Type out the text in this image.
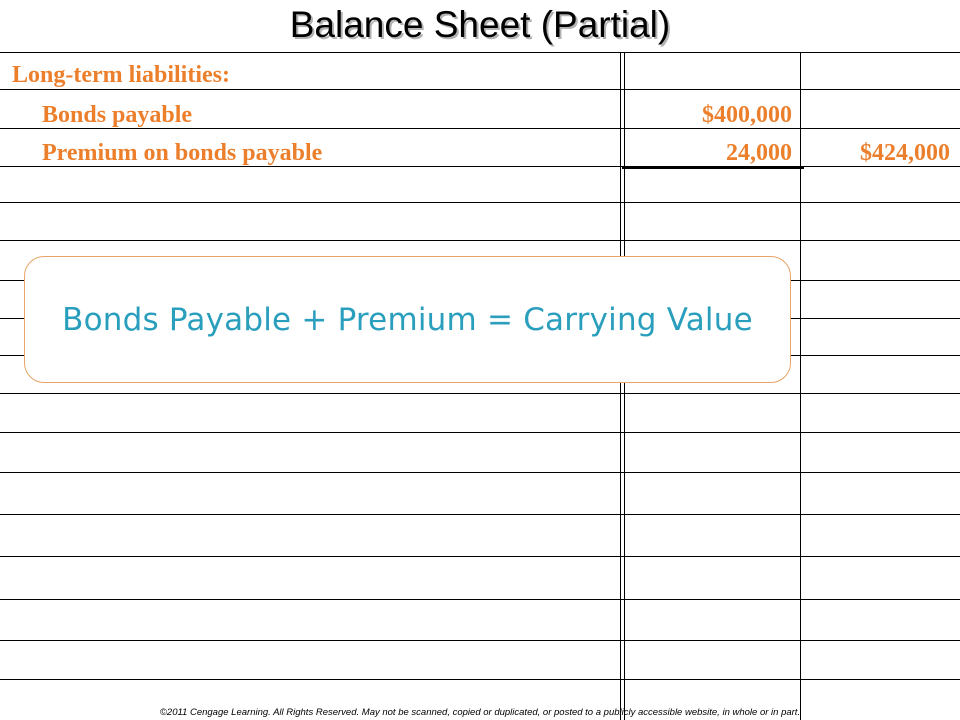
Balance Sheet (Partial)
Long-term liabilities:
Bonds payable	$400,000
Premium on bonds payable	24,000	$424,000
Bonds Payable + Premium = Carrying Value
©2011 Cengage Learning. All Rights Reserved. May not be scanned, copied or duplicated, or posted to a publicly accessible website, in whole or in part.
